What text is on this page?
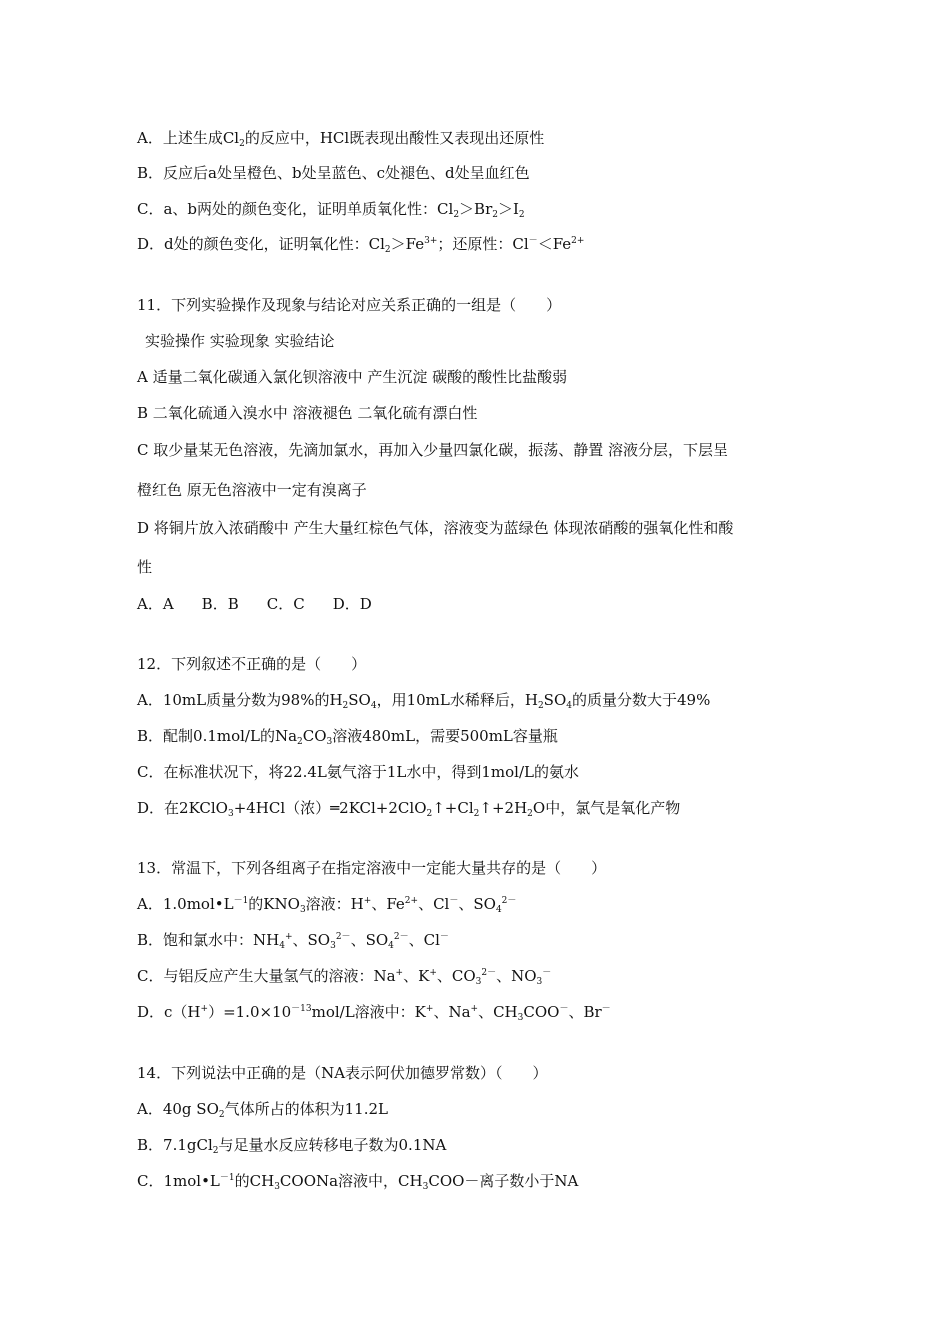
A．上述生成$Cl_2$的反应中，HCl既表现出酸性又表现出还原性
B．反应后a处呈橙色、b处呈蓝色、c处褪色、d处呈血红色
C．a、b两处的颜色变化，证明单质氧化性：$Cl_2>Br_2>I_2$
D．d处的颜色变化，证明氧化性：$Cl_2>Fe^{3+}$；还原性：$Cl^-<Fe^{2+}$
11．下列实验操作及现象与结论对应关系正确的一组是（　　）
实验操作 实验现象 实验结论
A 适量二氧化碳通入氯化钡溶液中 产生沉淀 碳酸的酸性比盐酸弱
B 二氧化硫通入溴水中 溶液褪色 二氧化硫有漂白性
C 取少量某无色溶液，先滴加氯水，再加入少量四氯化碳，振荡、静置 溶液分层，下层呈
橙红色 原无色溶液中一定有溴离子
D 将铜片放入浓硝酸中 产生大量红棕色气体，溶液变为蓝绿色 体现浓硝酸的强氧化性和酸
性
A．A B．B C．C D．D
12．下列叙述不正确的是（　　）
A．10mL质量分数为98%的$H_2SO_4$，用10mL水稀释后，$H_2SO_4$的质量分数大于49%
B．配制0.1mol/L的$Na_2CO_3$溶液480mL，需要500mL容量瓶
C．在标准状况下，将22.4L氨气溶于1L水中，得到1mol/L的氨水
D．在2KClO$_3$+4HCl（浓）$═2KCl+2ClO_2↑+Cl_2↑+2H_2O$中，氯气是氧化产物
13．常温下，下列各组离子在指定溶液中一定能大量共存的是（　　）
A．$1.0mol•L^{-1}$的$KNO_3$溶液：H+、$Fe^{2+}$、Cl－、$SO_4^{2-}$
B．饱和氯水中：$NH_4^+$、$SO_3^{2-}$、$SO_4^{2-}$、Cl－
C．与铝反应产生大量氢气的溶液：Na+、K+、$CO_3^{2-}$、$NO_3^-$
D．$c(H^+)=1.0\times 10^{-13}mol/L$溶液中：K+、Na+、$CH_3COO^-$、Br－
14．下列说法中正确的是（NA表示阿伏加德罗常数）（　　）
A．40g $SO_2$气体所占的体积为11.2L
B．7.1gCl$_2$与足量水反应转移电子数为0.1NA
C．$1mol•L^{-1}$的$CH_3COONa$溶液中，$CH_3COO-$离子数小于NA
